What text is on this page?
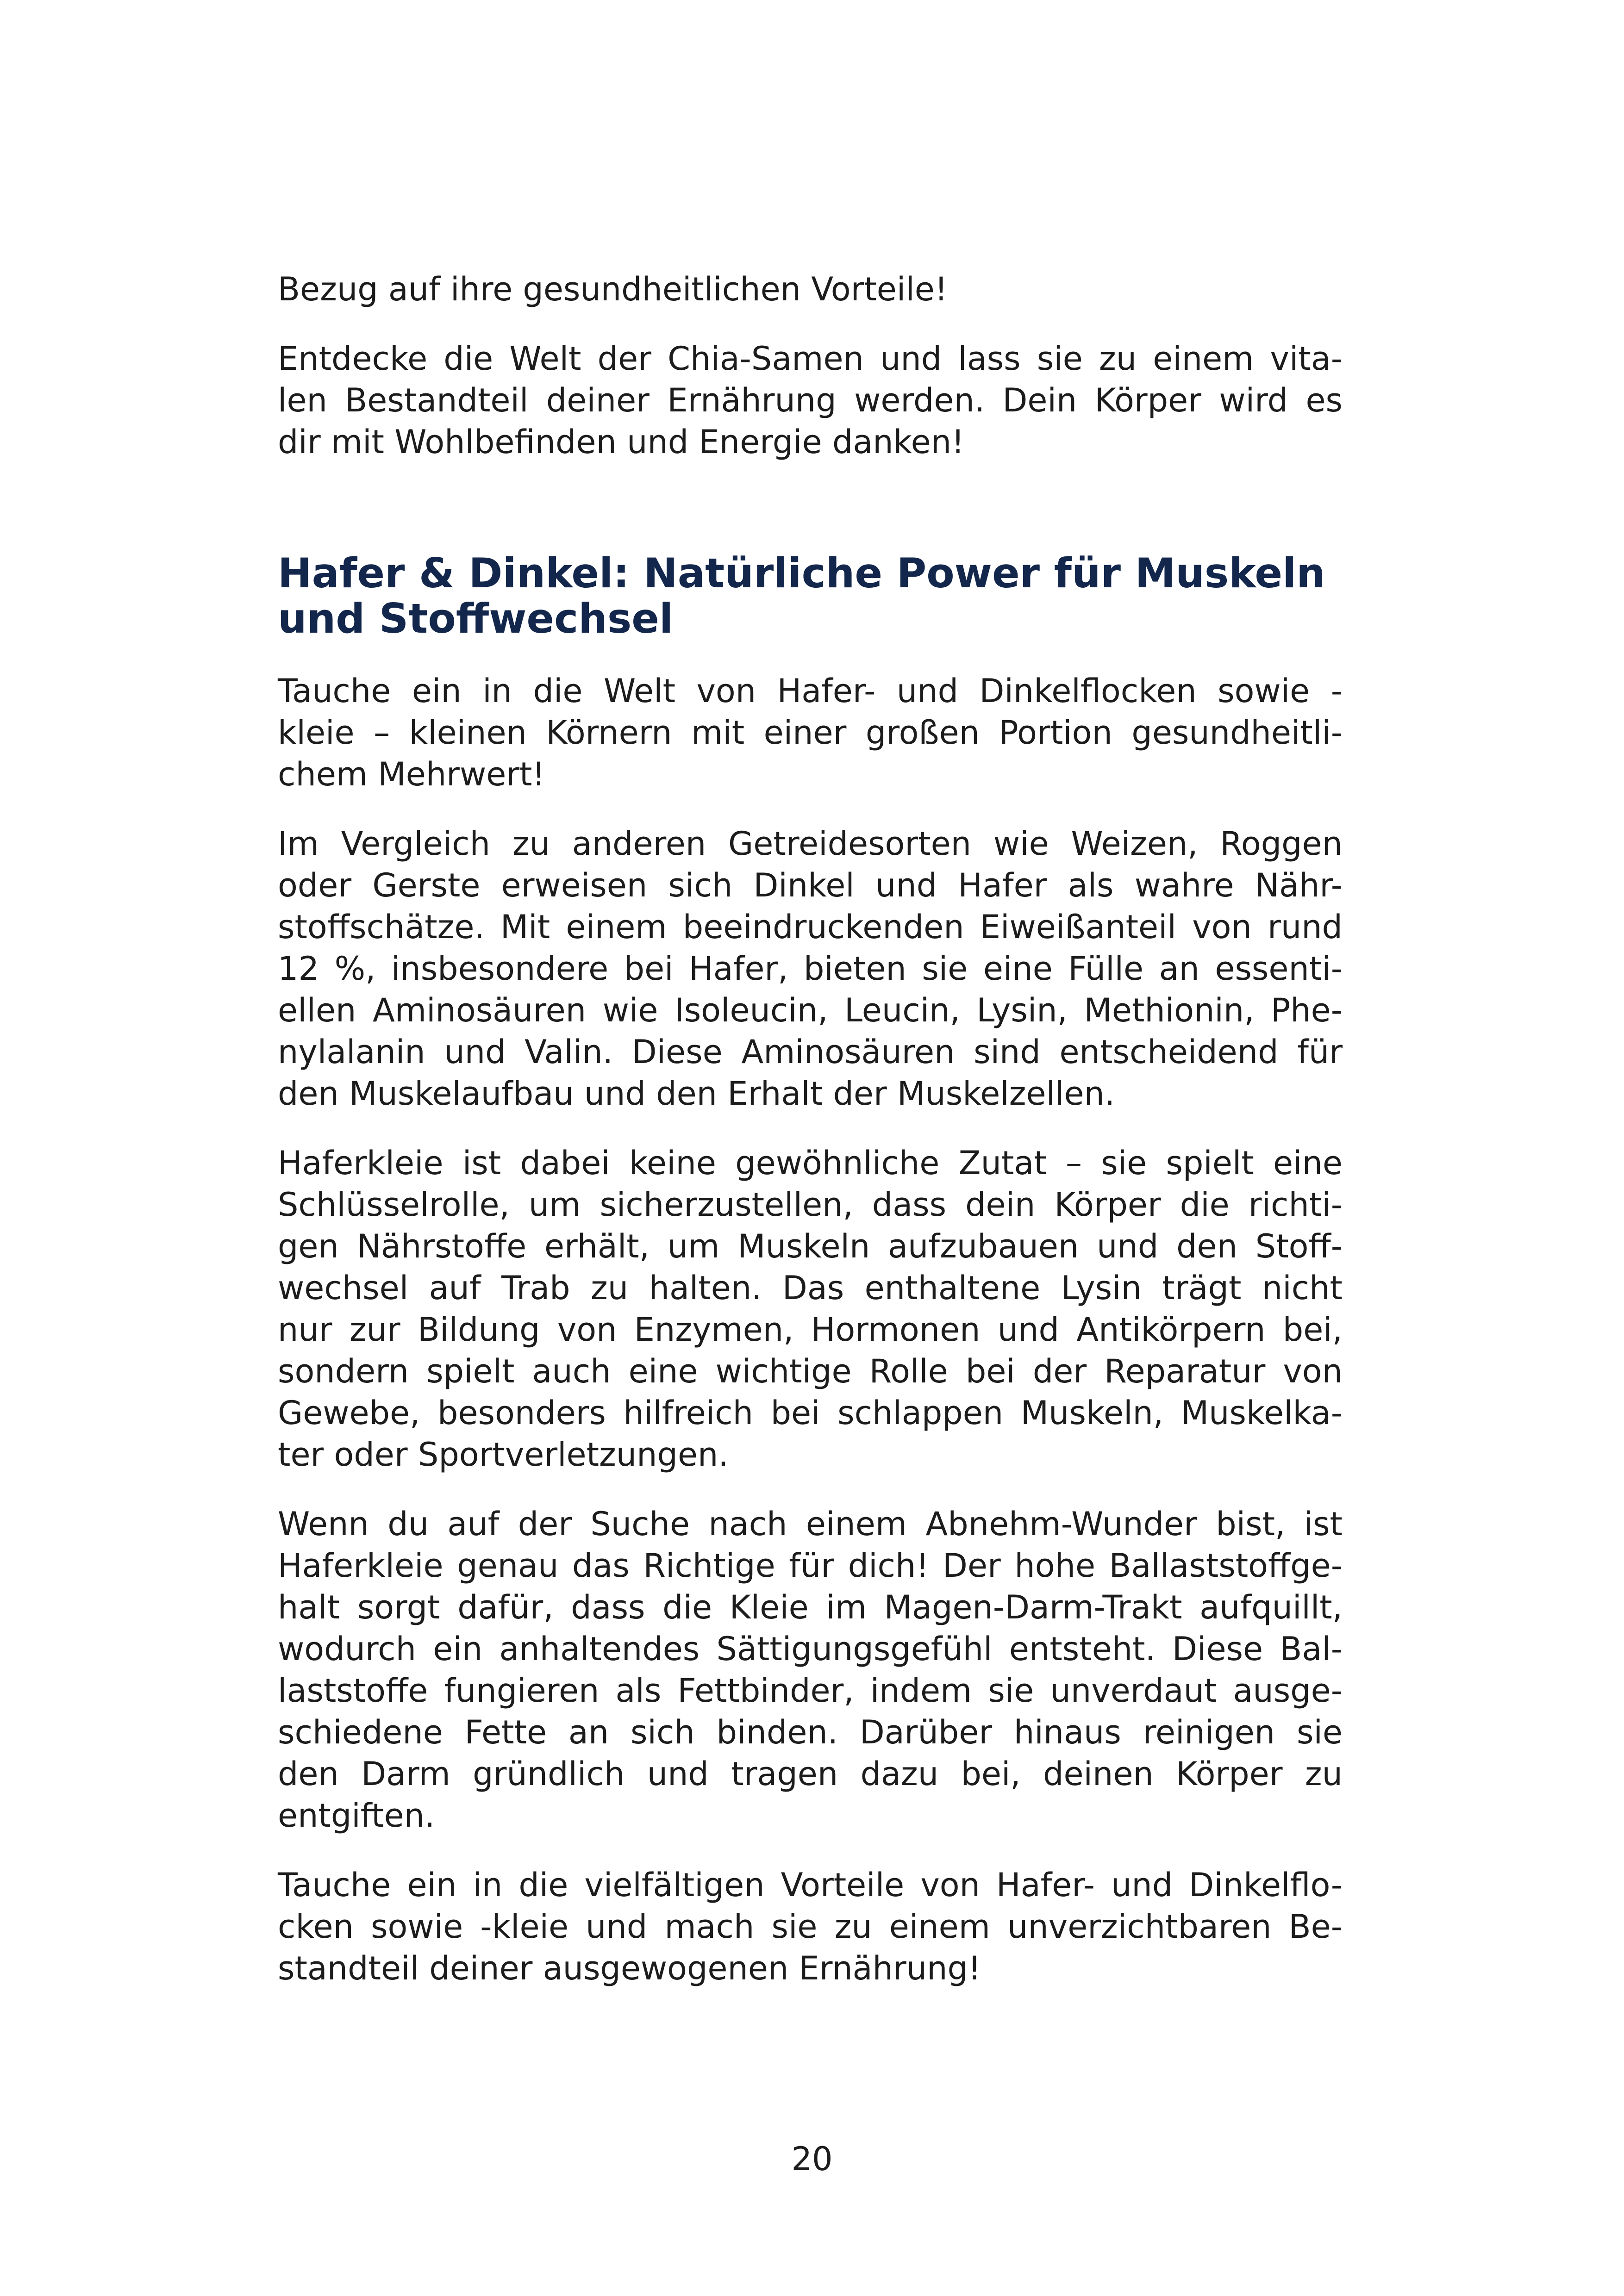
Bezug auf ihre gesundheitlichen Vorteile!
Entdecke die Welt der Chia-Samen und lass sie zu einem vita-
len Bestandteil deiner Ernährung werden. Dein Körper wird es
dir mit Wohlbefinden und Energie danken!
Hafer & Dinkel: Natürliche Power für Muskeln
und Stoffwechsel
Tauche ein in die Welt von Hafer- und Dinkelflocken sowie -
kleie – kleinen Körnern mit einer großen Portion gesundheitli-
chem Mehrwert!
Im Vergleich zu anderen Getreidesorten wie Weizen, Roggen
oder Gerste erweisen sich Dinkel und Hafer als wahre Nähr-
stoffschätze. Mit einem beeindruckenden Eiweißanteil von rund
12 %, insbesondere bei Hafer, bieten sie eine Fülle an essenti-
ellen Aminosäuren wie Isoleucin, Leucin, Lysin, Methionin, Phe-
nylalanin und Valin. Diese Aminosäuren sind entscheidend für
den Muskelaufbau und den Erhalt der Muskelzellen.
Haferkleie ist dabei keine gewöhnliche Zutat – sie spielt eine
Schlüsselrolle, um sicherzustellen, dass dein Körper die richti-
gen Nährstoffe erhält, um Muskeln aufzubauen und den Stoff-
wechsel auf Trab zu halten. Das enthaltene Lysin trägt nicht
nur zur Bildung von Enzymen, Hormonen und Antikörpern bei,
sondern spielt auch eine wichtige Rolle bei der Reparatur von
Gewebe, besonders hilfreich bei schlappen Muskeln, Muskelka-
ter oder Sportverletzungen.
Wenn du auf der Suche nach einem Abnehm-Wunder bist, ist
Haferkleie genau das Richtige für dich! Der hohe Ballaststoffge-
halt sorgt dafür, dass die Kleie im Magen-Darm-Trakt aufquillt,
wodurch ein anhaltendes Sättigungsgefühl entsteht. Diese Bal-
laststoffe fungieren als Fettbinder, indem sie unverdaut ausge-
schiedene Fette an sich binden. Darüber hinaus reinigen sie
den Darm gründlich und tragen dazu bei, deinen Körper zu
entgiften.
Tauche ein in die vielfältigen Vorteile von Hafer- und Dinkelflo-
cken sowie -kleie und mach sie zu einem unverzichtbaren Be-
standteil deiner ausgewogenen Ernährung!
20
